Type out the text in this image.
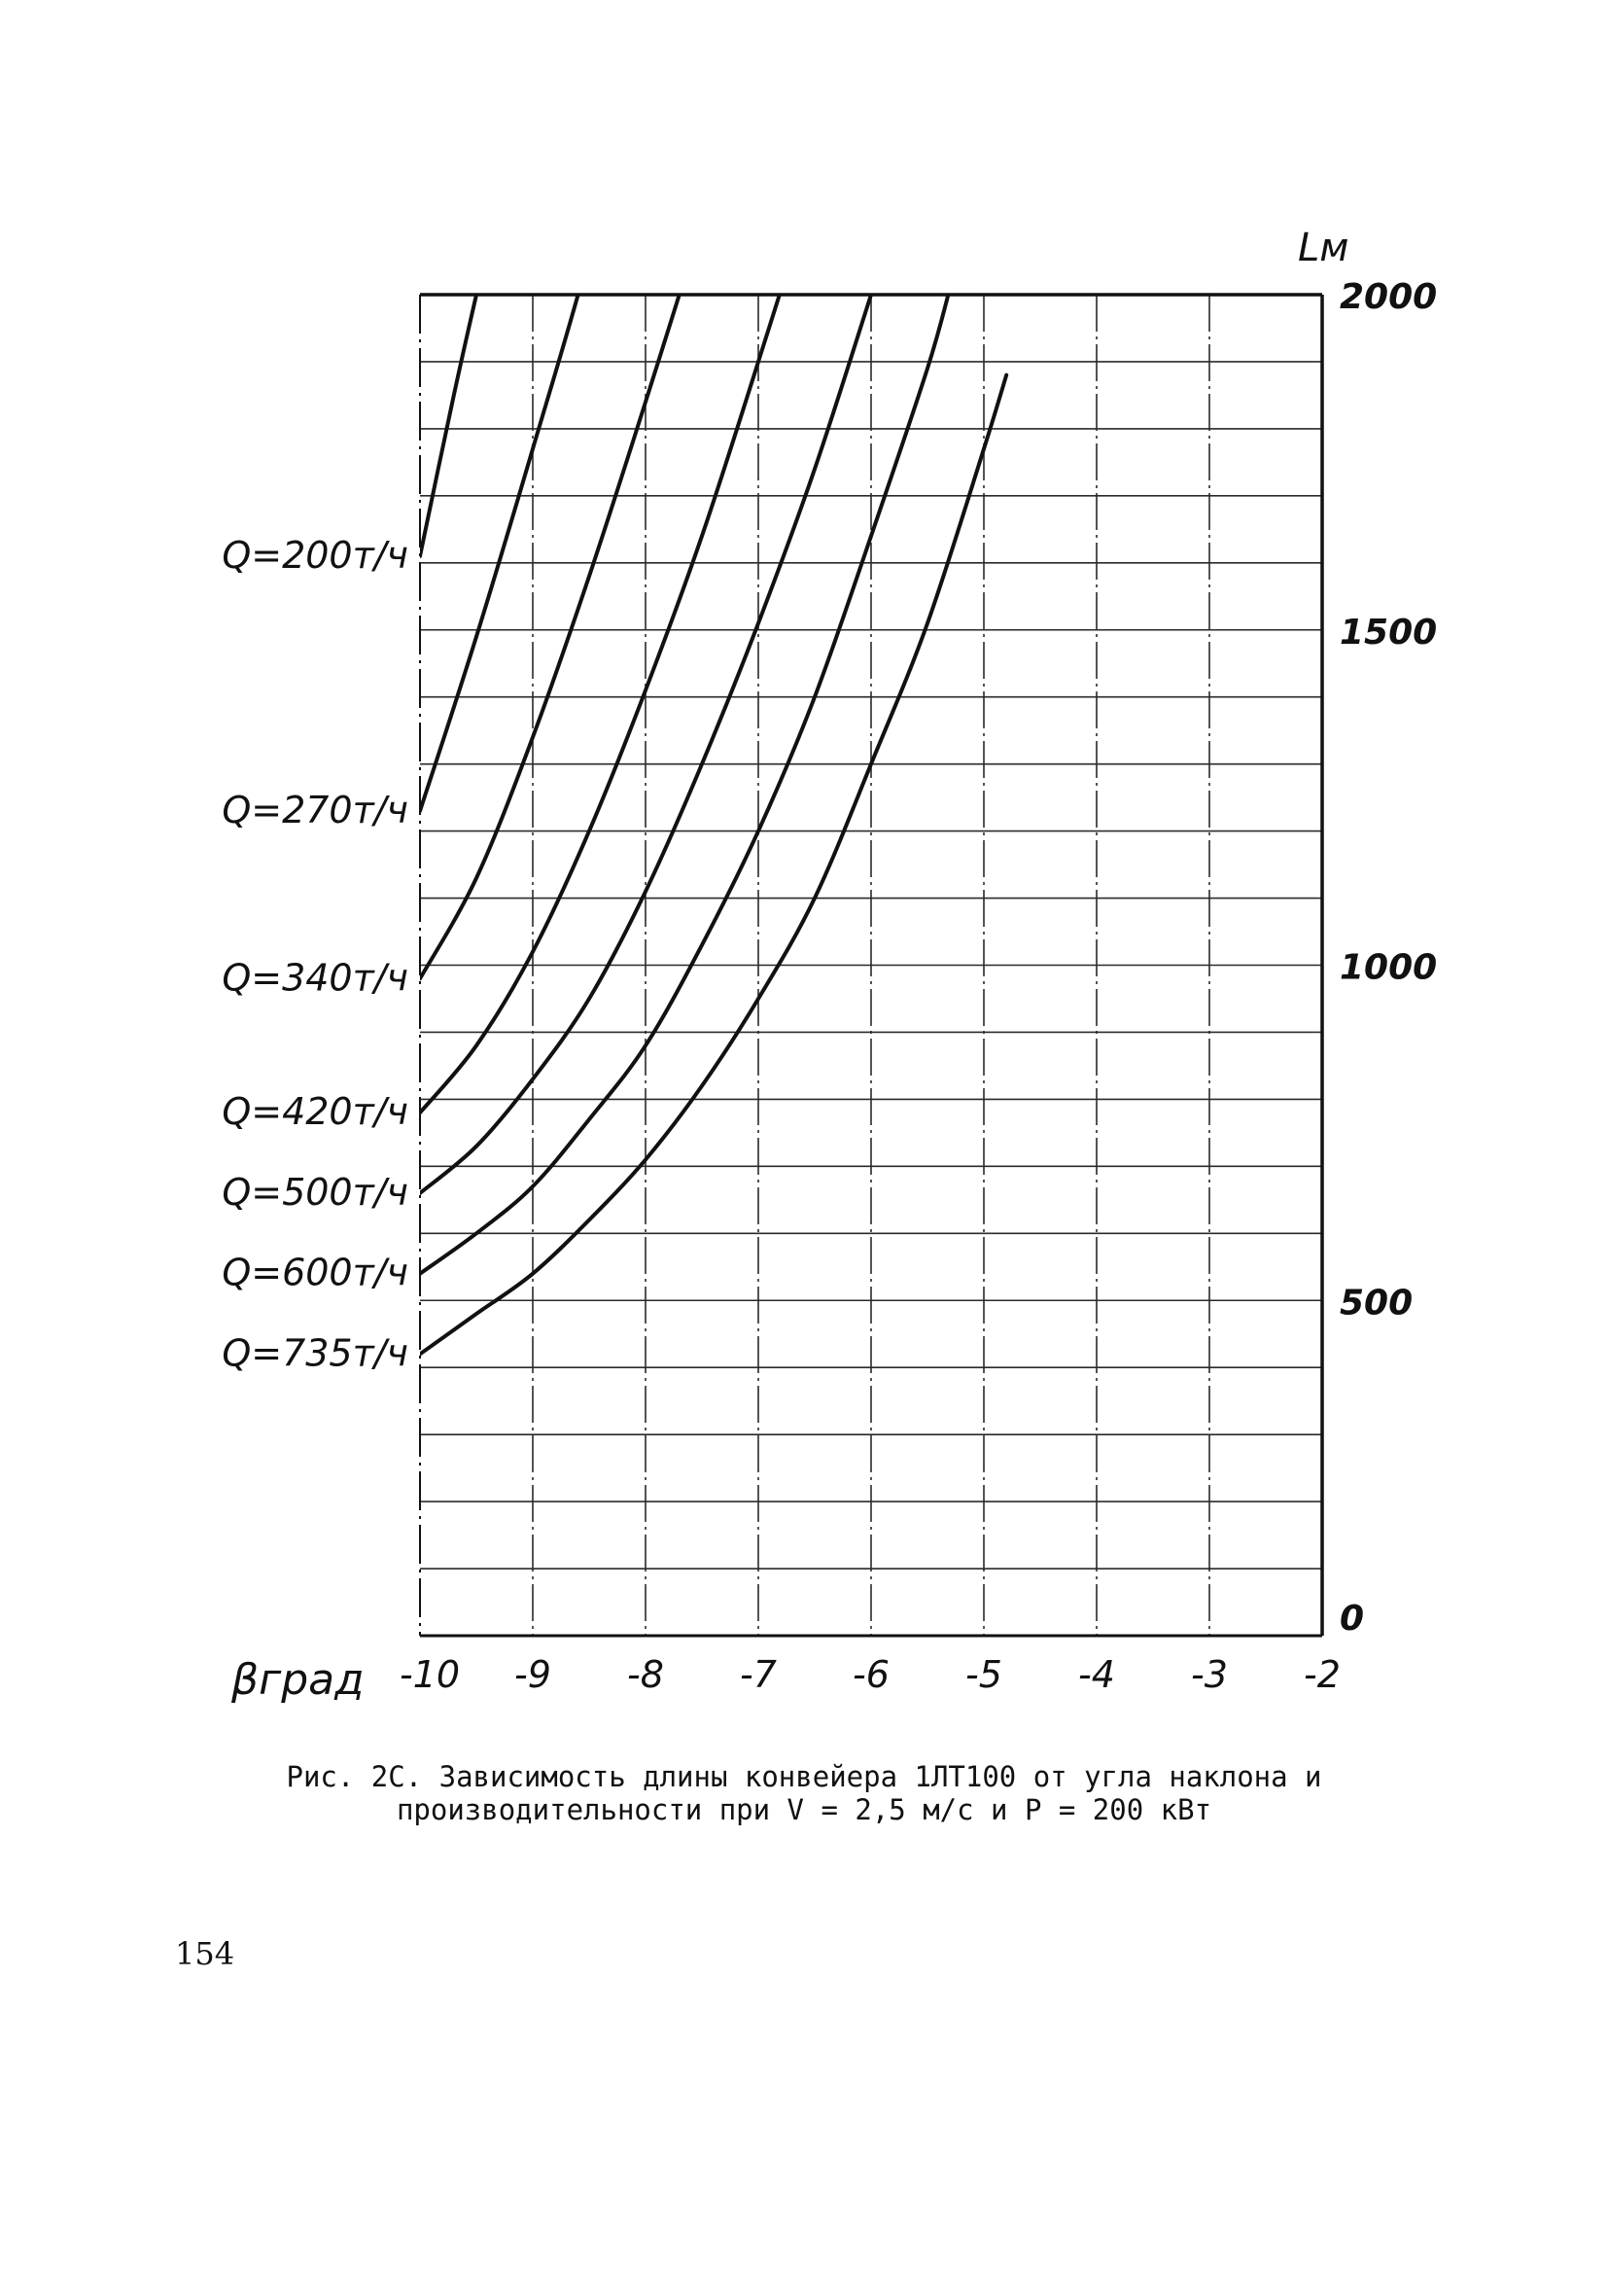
Q=200т/ч
Q=270т/ч
Q=340т/ч
Q=420т/ч
Q=500т/ч
Q=600т/ч
Q=735т/ч
-10 -9 -8 -7 -6 -5 -4 -3 -2
0
500
1000
1500
2000
βград
Lм
Рис. 2С. Зависимость длины конвейера 1ЛТ100 от угла наклона и
производительности при V = 2,5 м/с и P = 200 кВт
154
